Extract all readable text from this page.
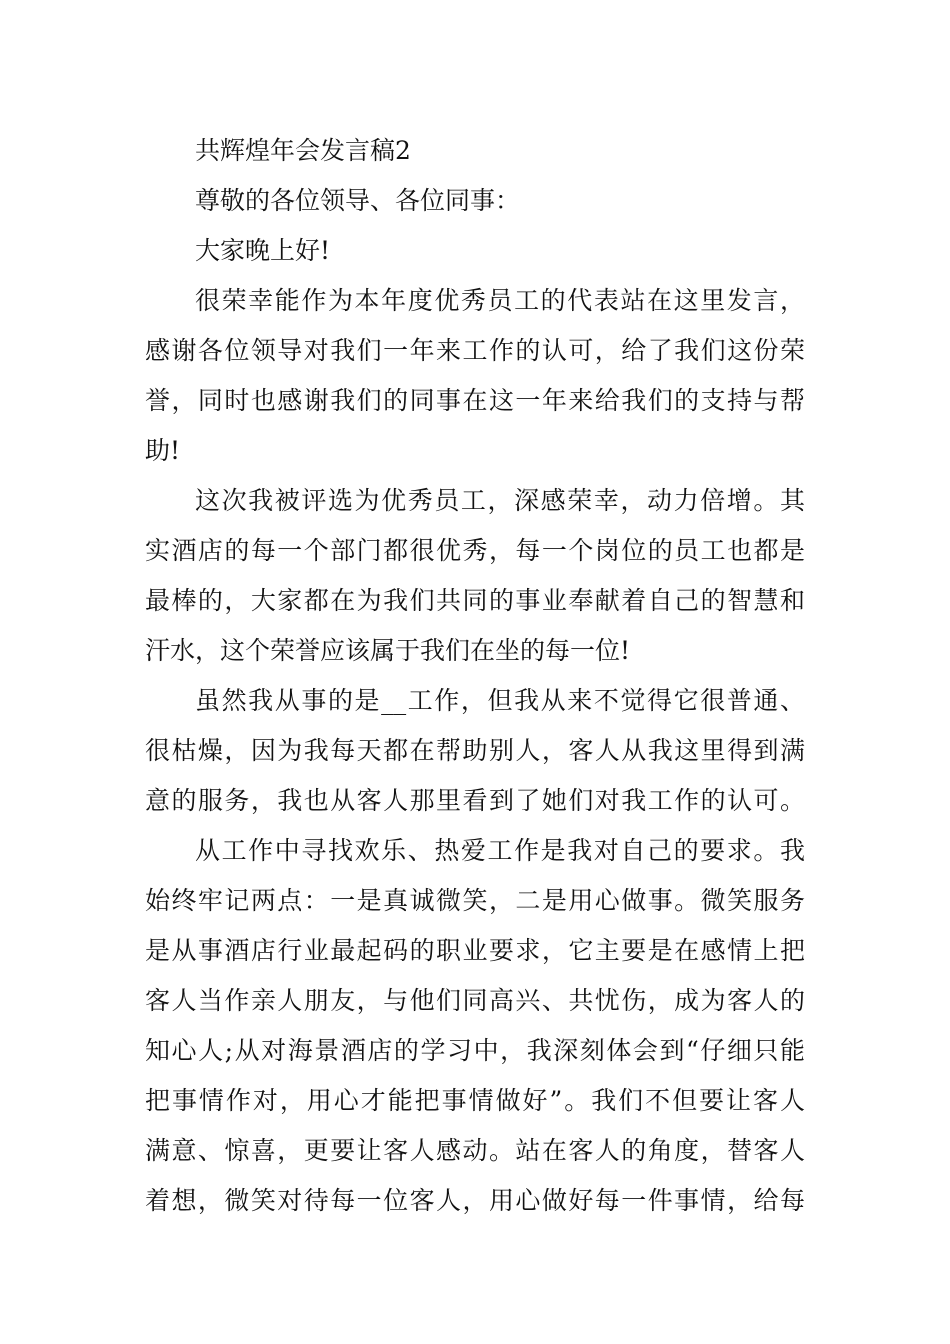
共辉煌年会发言稿2
尊敬的各位领导、各位同事：
大家晚上好!
很荣幸能作为本年度优秀员工的代表站在这里发言，
感谢各位领导对我们一年来工作的认可，给了我们这份荣
誉，同时也感谢我们的同事在这一年来给我们的支持与帮
助!
这次我被评选为优秀员工，深感荣幸，动力倍增。其
实酒店的每一个部门都很优秀，每一个岗位的员工也都是
最棒的，大家都在为我们共同的事业奉献着自己的智慧和
汗水，这个荣誉应该属于我们在坐的每一位!
虽然我从事的是__工作，但我从来不觉得它很普通、
很枯燥，因为我每天都在帮助别人，客人从我这里得到满
意的服务，我也从客人那里看到了她们对我工作的认可。
从工作中寻找欢乐、热爱工作是我对自己的要求。我
始终牢记两点：一是真诚微笑，二是用心做事。微笑服务
是从事酒店行业最起码的职业要求，它主要是在感情上把
客人当作亲人朋友，与他们同高兴、共忧伤，成为客人的
知心人;从对海景酒店的学习中，我深刻体会到“仔细只能
把事情作对，用心才能把事情做好”。我们不但要让客人
满意、惊喜，更要让客人感动。站在客人的角度，替客人
着想，微笑对待每一位客人，用心做好每一件事情，给每
